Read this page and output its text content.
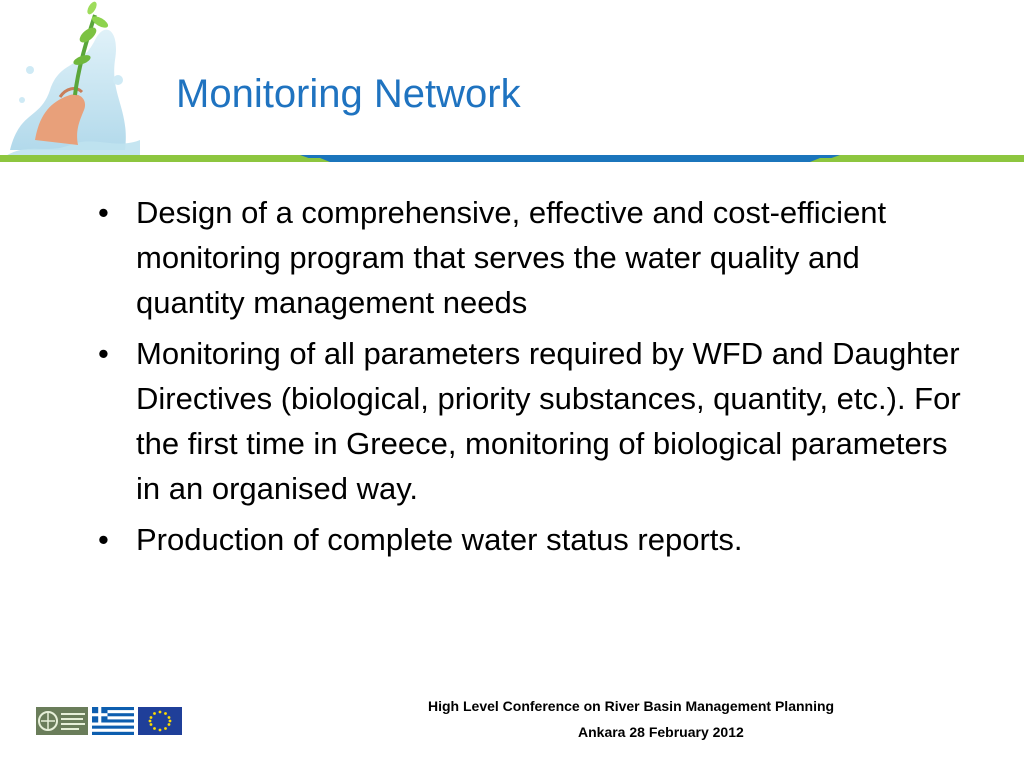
Monitoring Network
• Design of a comprehensive, effective and cost-efficient monitoring program that serves the water quality and quantity management needs
• Monitoring of all parameters required by WFD and Daughter Directives (biological, priority substances, quantity, etc.). For the first time in Greece, monitoring of biological parameters in an organised way.
• Production of complete water status reports.
High Level Conference on River Basin Management Planning
Ankara 28 February 2012
